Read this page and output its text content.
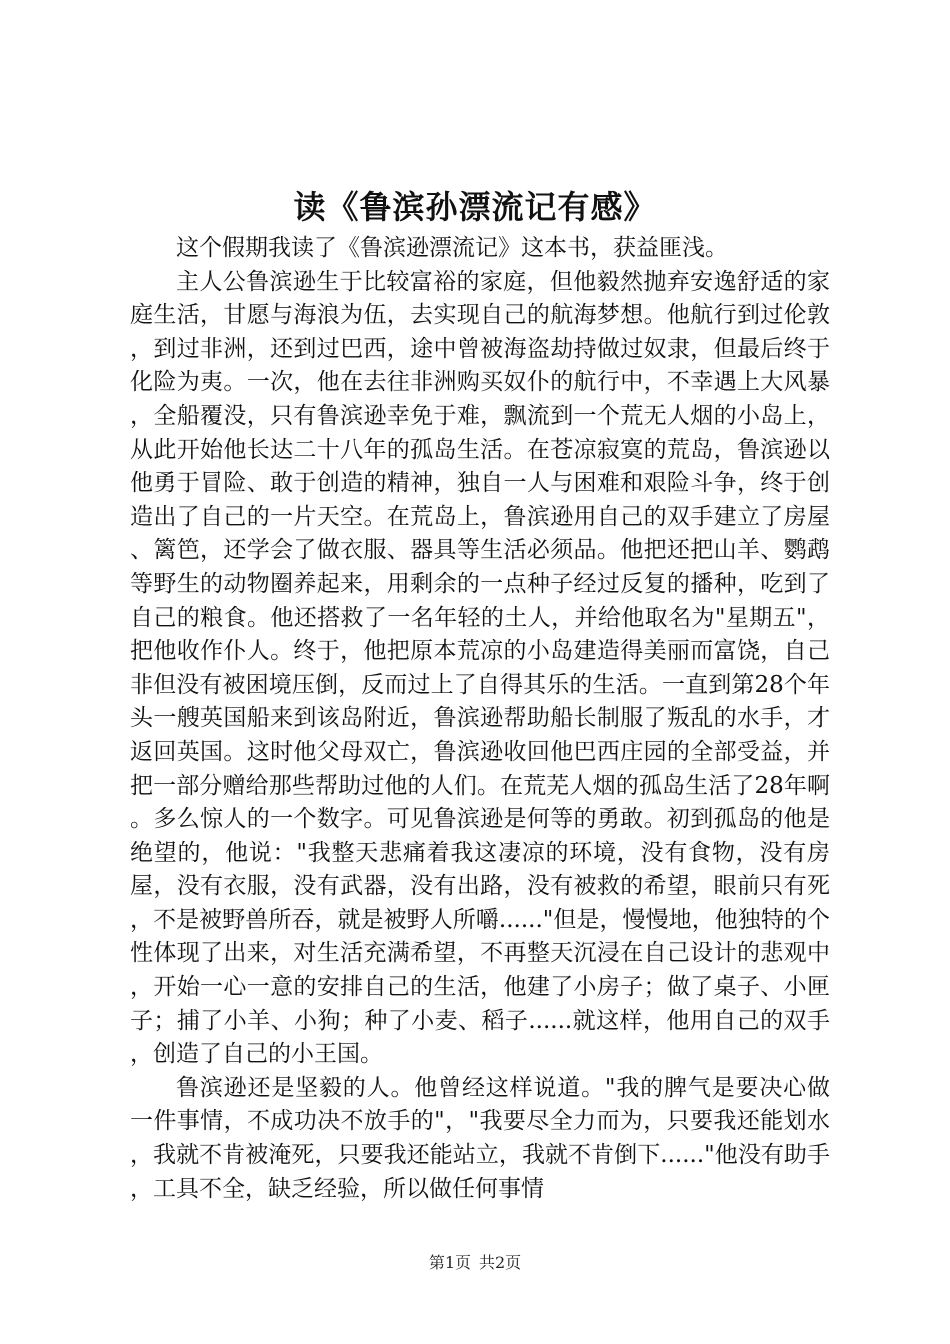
读《鲁滨孙漂流记有感》

这个假期我读了《鲁滨逊漂流记》这本书，获益匪浅。

主人公鲁滨逊生于比较富裕的家庭，但他毅然抛弃安逸舒适的家庭生活，甘愿与海浪为伍，去实现自己的航海梦想。他航行到过伦敦，到过非洲，还到过巴西，途中曾被海盗劫持做过奴隶，但最后终于化险为夷。一次，他在去往非洲购买奴仆的航行中，不幸遇上大风暴，全船覆没，只有鲁滨逊幸免于难，飘流到一个荒无人烟的小岛上，从此开始他长达二十八年的孤岛生活。在苍凉寂寞的荒岛，鲁滨逊以他勇于冒险、敢于创造的精神，独自一人与困难和艰险斗争，终于创造出了自己的一片天空。在荒岛上，鲁滨逊用自己的双手建立了房屋、篱笆，还学会了做衣服、器具等生活必须品。他把还把山羊、鹦鹉等野生的动物圈养起来，用剩余的一点种子经过反复的播种，吃到了自己的粮食。他还搭救了一名年轻的土人，并给他取名为"星期五"，把他收作仆人。终于，他把原本荒凉的小岛建造得美丽而富饶，自己非但没有被困境压倒，反而过上了自得其乐的生活。一直到第28个年头一艘英国船来到该岛附近，鲁滨逊帮助船长制服了叛乱的水手，才返回英国。这时他父母双亡，鲁滨逊收回他巴西庄园的全部受益，并把一部分赠给那些帮助过他的人们。在荒芜人烟的孤岛生活了28年啊。多么惊人的一个数字。可见鲁滨逊是何等的勇敢。初到孤岛的他是绝望的，他说："我整天悲痛着我这凄凉的环境，没有食物，没有房屋，没有衣服，没有武器，没有出路，没有被救的希望，眼前只有死，不是被野兽所吞，就是被野人所嚼......"但是，慢慢地，他独特的个性体现了出来，对生活充满希望，不再整天沉浸在自己设计的悲观中，开始一心一意的安排自己的生活，他建了小房子；做了桌子、小匣子；捕了小羊、小狗；种了小麦、稻子......就这样，他用自己的双手，创造了自己的小王国。

鲁滨逊还是坚毅的人。他曾经这样说道。"我的脾气是要决心做一件事情，不成功决不放手的"，"我要尽全力而为，只要我还能划水，我就不肯被淹死，只要我还能站立，我就不肯倒下......"他没有助手，工具不全，缺乏经验，所以做任何事情

第1页 共2页
